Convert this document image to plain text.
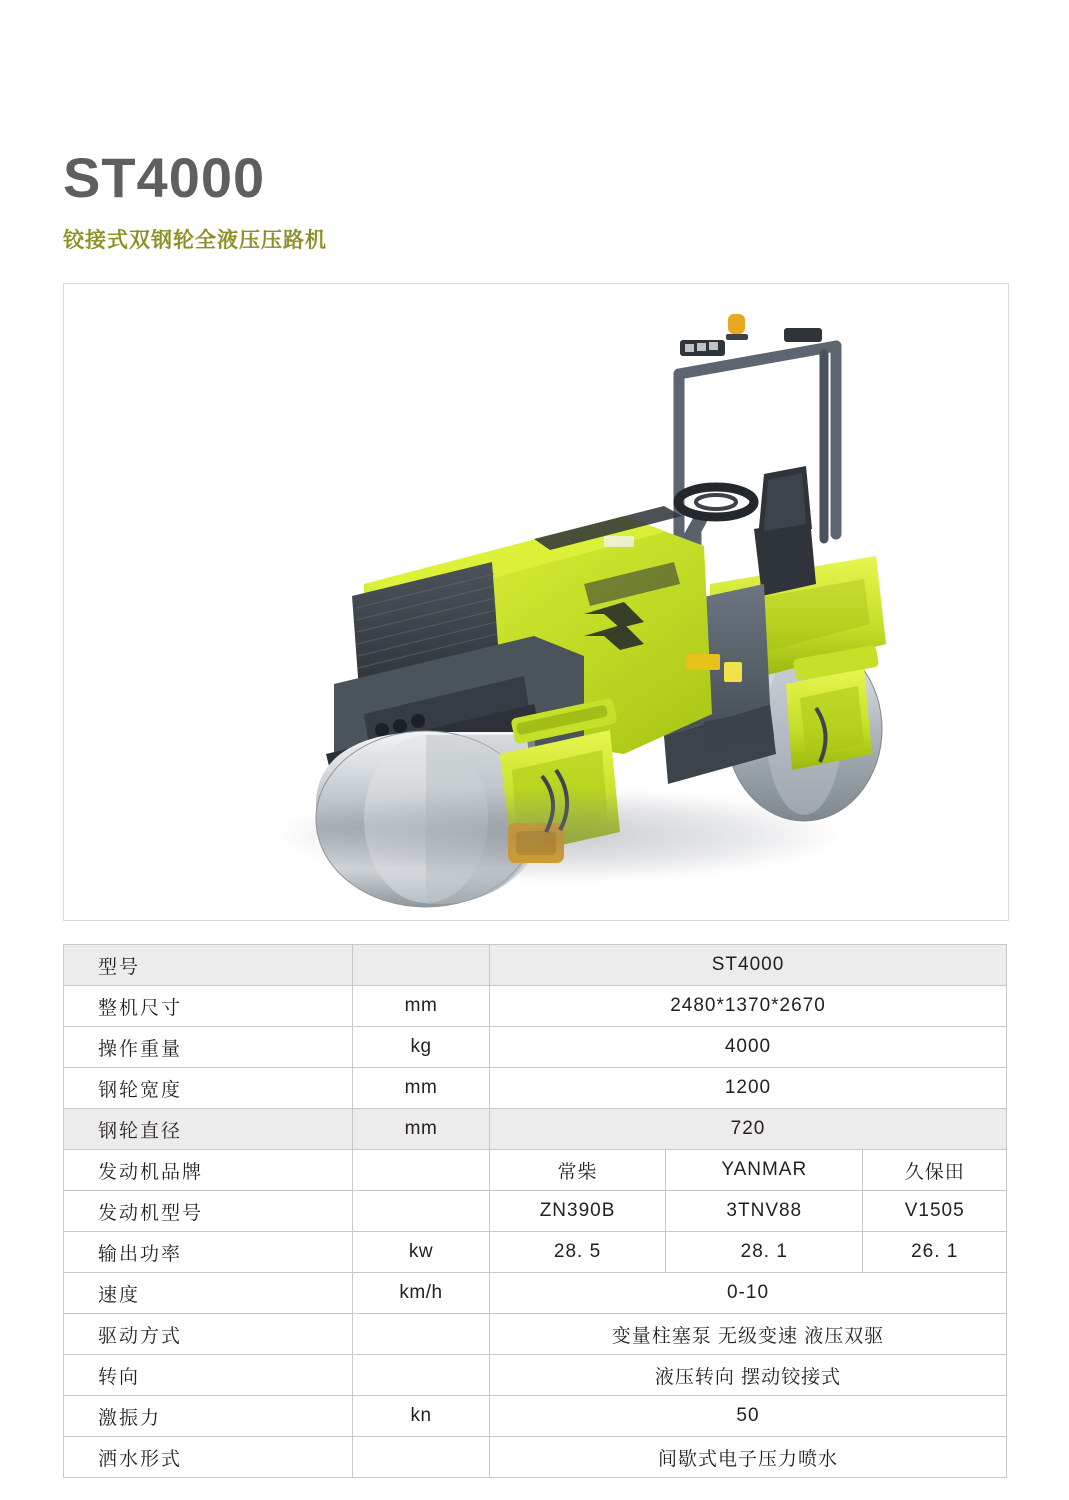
ST4000

铰接式双钢轮全液压压路机

型号		ST4000		
整机尺寸	mm	2480*1370*2670		
操作重量	kg	4000		
钢轮宽度	mm	1200		
钢轮直径	mm	720		
发动机品牌		常柴	YANMAR	久保田
发动机型号		ZN390B	3TNV88	V1505
输出功率	kw	28. 5	28. 1	26. 1
速度	km/h	0-10		
驱动方式		变量柱塞泵 无级变速 液压双驱		
转向		液压转向 摆动铰接式		
激振力	kn	50		
洒水形式		间歇式电子压力喷水		
